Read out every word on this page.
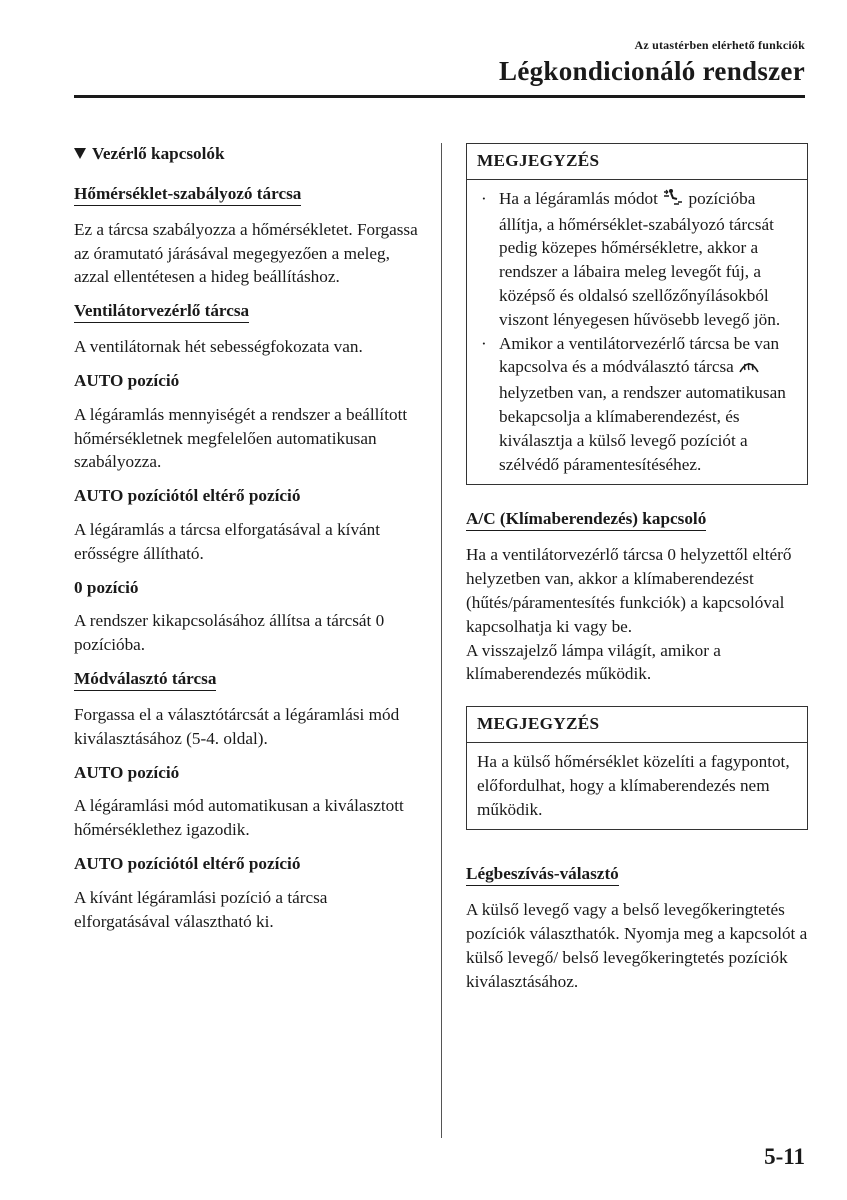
Az utastérben elérhető funkciók
Légkondicionáló rendszer
Vezérlő kapcsolók
Hőmérséklet-szabályozó tárcsa

Ez a tárcsa szabályozza a hőmérsékletet. Forgassa az óramutató járásával megegyezően a meleg, azzal ellentétesen a hideg beállításhoz.

Ventilátorvezérlő tárcsa

A ventilátornak hét sebességfokozata van.

AUTO pozíció

A légáramlás mennyiségét a rendszer a beállított hőmérsékletnek megfelelően automatikusan szabályozza.

AUTO pozíciótól eltérő pozíció

A légáramlás a tárcsa elforgatásával a kívánt erősségre állítható.

0 pozíció

A rendszer kikapcsolásához állítsa a tárcsát 0 pozícióba.

Módválasztó tárcsa

Forgassa el a választótárcsát a légáramlási mód kiválasztásához (5-4. oldal).

AUTO pozíció

A légáramlási mód automatikusan a kiválasztott hőmérséklethez igazodik.

AUTO pozíciótól eltérő pozíció

A kívánt légáramlási pozíció a tárcsa elforgatásával választható ki.

MEGJEGYZÉS
· Ha a légáramlás módot pozícióba állítja, a hőmérséklet-szabályozó tárcsát pedig közepes hőmérsékletre, akkor a rendszer a lábaira meleg levegőt fúj, a középső és oldalsó szellőzőnyílásokból viszont lényegesen hűvösebb levegő jön.
· Amikor a ventilátorvezérlő tárcsa be van kapcsolva és a módválasztó tárcsa  helyzetben van, a rendszer automatikusan bekapcsolja a klímaberendezést, és kiválasztja a külső levegő pozíciót a szélvédő páramentesítéséhez.
A/C (Klímaberendezés) kapcsoló
Ha a ventilátorvezérlő tárcsa 0 helyzettől eltérő helyzetben van, akkor a klímaberendezést (hűtés/páramentesítés funkciók) a kapcsolóval kapcsolhatja ki vagy be.

A visszajelző lámpa világít, amikor a klímaberendezés működik.

MEGJEGYZÉS
Ha a külső hőmérséklet közelíti a fagypontot, előfordulhat, hogy a klímaberendezés nem működik.
Légbeszívás-választó

A külső levegő vagy a belső levegőkeringtetés pozíciók választhatók. Nyomja meg a kapcsolót a külső levegő/ belső levegőkeringtetés pozíciók kiválasztásához.

5-11
